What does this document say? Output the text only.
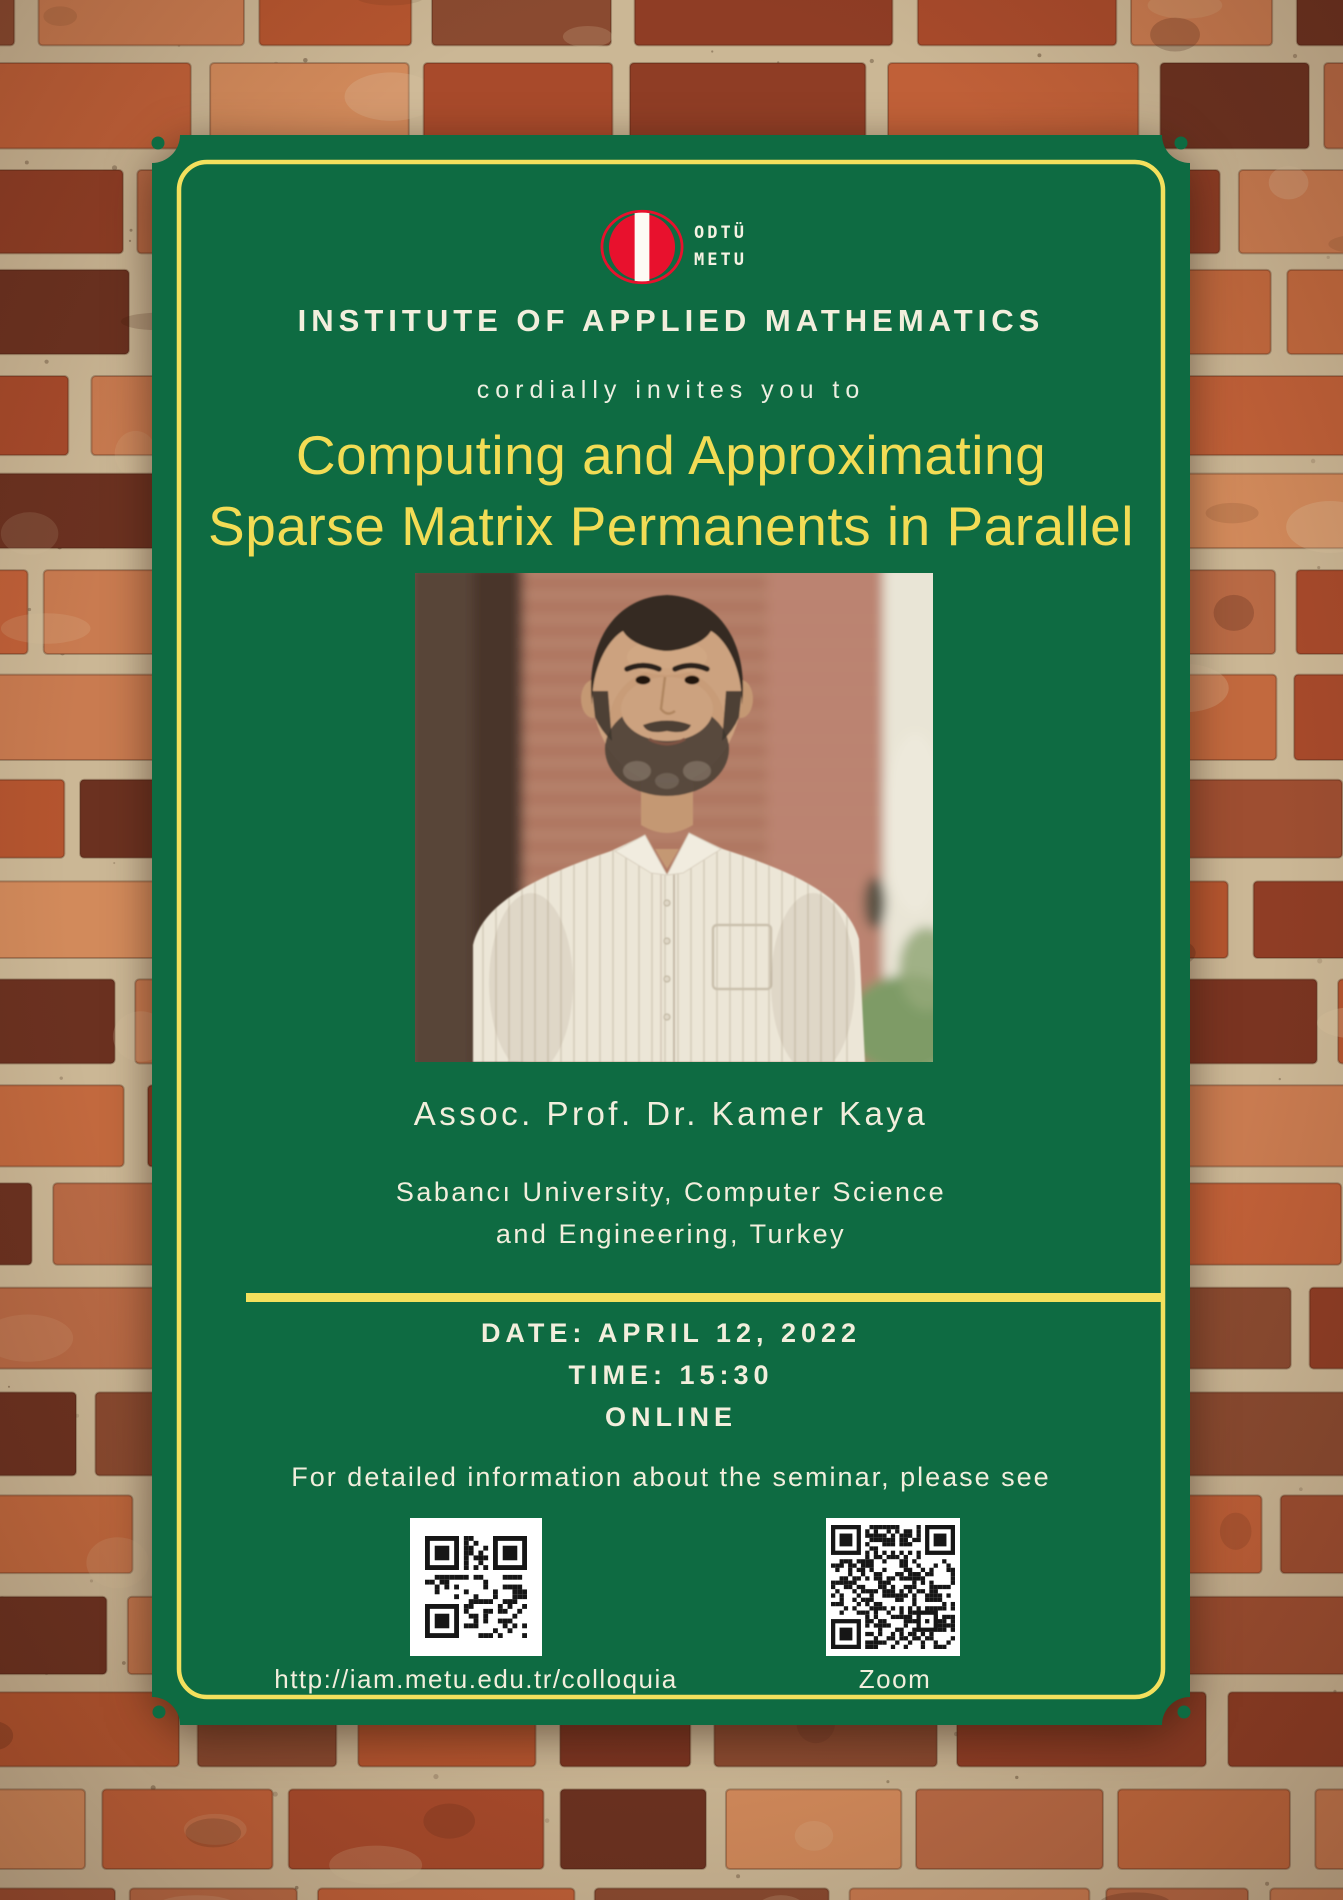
ODTÜ
METU
INSTITUTE OF APPLIED MATHEMATICS
cordially invites you to
Computing and Approximating
Sparse Matrix Permanents in Parallel
Assoc. Prof. Dr. Kamer Kaya
Sabancı University, Computer Science
and Engineering, Turkey
DATE: APRIL 12, 2022
TIME: 15:30
ONLINE
For detailed information about the seminar, please see
http://iam.metu.edu.tr/colloquia	Zoom
